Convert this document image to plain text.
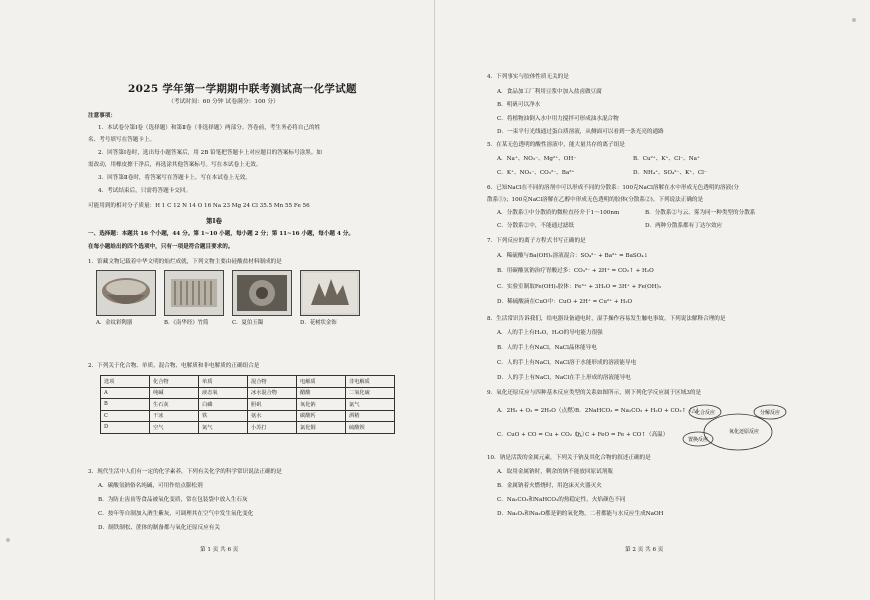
2025 学年第一学期期中联考测试高一化学试题
（考试时间：60 分钟 试卷满分：100 分）
注意事项：
1．本试卷分第Ⅰ卷（选择题）和第Ⅱ卷（非选择题）两部分。答卷前，考生务必将自己的姓
名、考号填写在答题卡上。
2．回答第Ⅰ卷时，选出每小题答案后，用 2B 铅笔把答题卡上对应题目的答案标号涂黑。如
需改动，用橡皮擦干净后，再选涂其他答案标号。写在本试卷上无效。
3．回答第Ⅱ卷时，将答案写在答题卡上。写在本试卷上无效。
4．考试结束后，只需将答题卡交回。
可能用到的相对分子质量：H 1 C 12 N 14 O 16 Na 23 Mg 24 Cl 35.5 Mn 55 Fe 56
第Ⅰ卷
一、选择题：本题共 16 个小题，44 分。第 1~10 小题，每小题 2 分；第 11~16 小题，每小题 4 分。
在每小题给出的四个选项中，只有一项是符合题目要求的。
1．馆藏文物记载着中华文明的灿烂成就，下列文物主要由硅酸盐材料制成的是
A．金纹彩陶器	B．《南华经》竹简	C．夏伯玉镯	D．花树状金饰
2．下列关于化合物、单质、混合物、电解质和非电解质的正确组合是
选项	化合物	单质	混合物	电解质	非电解质
A	纯碱	液态氧	冰水混合物	醋酸	二氧化硫
B	生石灰	白磷	胆矾	氧化钠	氯气
C	干冰	铁	氨水	碳酸钙	酒精
D	空气	氮气	小苏打	氯化铜	硫酸钡
3．现代生活中人们有一定的化学素养，下列有关化学的科学常识说法正确的是
A．碳酸氢钠俗名纯碱，可用作焙点膨松剂
B．为防止齿齿等食品被氧化变质，常在包装袋中放入生石灰
C．按年等自制加入酒生紫灰，可调理其在空气中发生氧化变化
D．制铁制松、蔗体的制备都与氧化还原反应有关
第 1 页 共 6 页
4．下列事实与胶体性质无关的是
A．食品加工厂利用豆浆中加入盐卤做豆腐
B．明矾可以净水
C．将植物油倒入水中用力搅拌可形成油水混合物
D．一束平行光线通过蛋白质溶液，从侧面可以看到一条光亮的通路
5．在某无色透明的酸性溶液中，能大量共存的离子组是
A．Na⁺、NO₃⁻、Mg²⁺、OH⁻	B．Cu²⁺、K⁺、Cl⁻、Na⁺
C．K⁺、NO₃⁻、CO₃²⁻、Ba²⁺	D．NH₄⁺、SO₄²⁻、K⁺、Cl⁻
6．已知NaCl在不同的溶剂中可以形成不同的分散系：100克NaCl溶解在水中形成无色透明的溶液(分
散系①)；100克NaCl溶解在乙醇中形成无色透明的胶体(分散系②)。下列说法正确的是
A．分散系①中分散质的微粒直径介于1～100nm	B．分散系②与云、雾为同一种类型的分散系
C．分散系②中，不能通过滤纸	D．两种分散系都有丁达尔效应
7．下列反应的离子方程式书写正确的是
A．稀硫酸与Ba(OH)₂溶液混合：SO₄²⁻ + Ba²⁺ = BaSO₄↓
B．用碳酸氢钠治疗胃酸过多：CO₃²⁻ + 2H⁺ = CO₂↑ + H₂O
C．实验室制取Fe(OH)₃胶体：Fe³⁺ + 3H₂O = 3H⁺ + Fe(OH)₃
D．稀硫酸滴在CuO中：CuO + 2H⁺ = Cu²⁺ + H₂O
8．生活常识告诉我们，给电器设备通电时，湿手操作容易发生触电事故。下列说法解释合理的是
A．人的手上有H₂O，H₂O的导电能力很强
B．人的手上有NaCl，NaCl晶体能导电
C．人的手上有NaCl，NaCl溶于水能形成的溶液能导电
D．人的手上有NaCl，NaCl在手上形成的溶液能导电
9．氧化还原反应与四种基本反应类型的关系如图所示，则下列化学反应属于区域3的是
A．2H₂ + O₂ = 2H₂O（点燃）
B．2NaHCO₃ = Na₂CO₃ + H₂O + CO₂↑（△）
C．CuO + CO = Cu + CO₂（△）
D．C + FeO = Fe + CO↑（高温）
10．钠是活泼的金属元素，下列关于钠及其化合物的叙述正确的是
A．取用金属钠时，剩余的钠不能放回原试剂瓶
B．金属钠着火燃烧时，用泡沫灭火器灭火
C．Na₂CO₃和NaHCO₃的热稳定性，火焰颜色不同
D．Na₂O₂和Na₂O都是钠的氧化物，二者都能与水反应生成NaOH
第 2 页 共 6 页
化合反应	分解反应
氧化还原反应
置换反应
